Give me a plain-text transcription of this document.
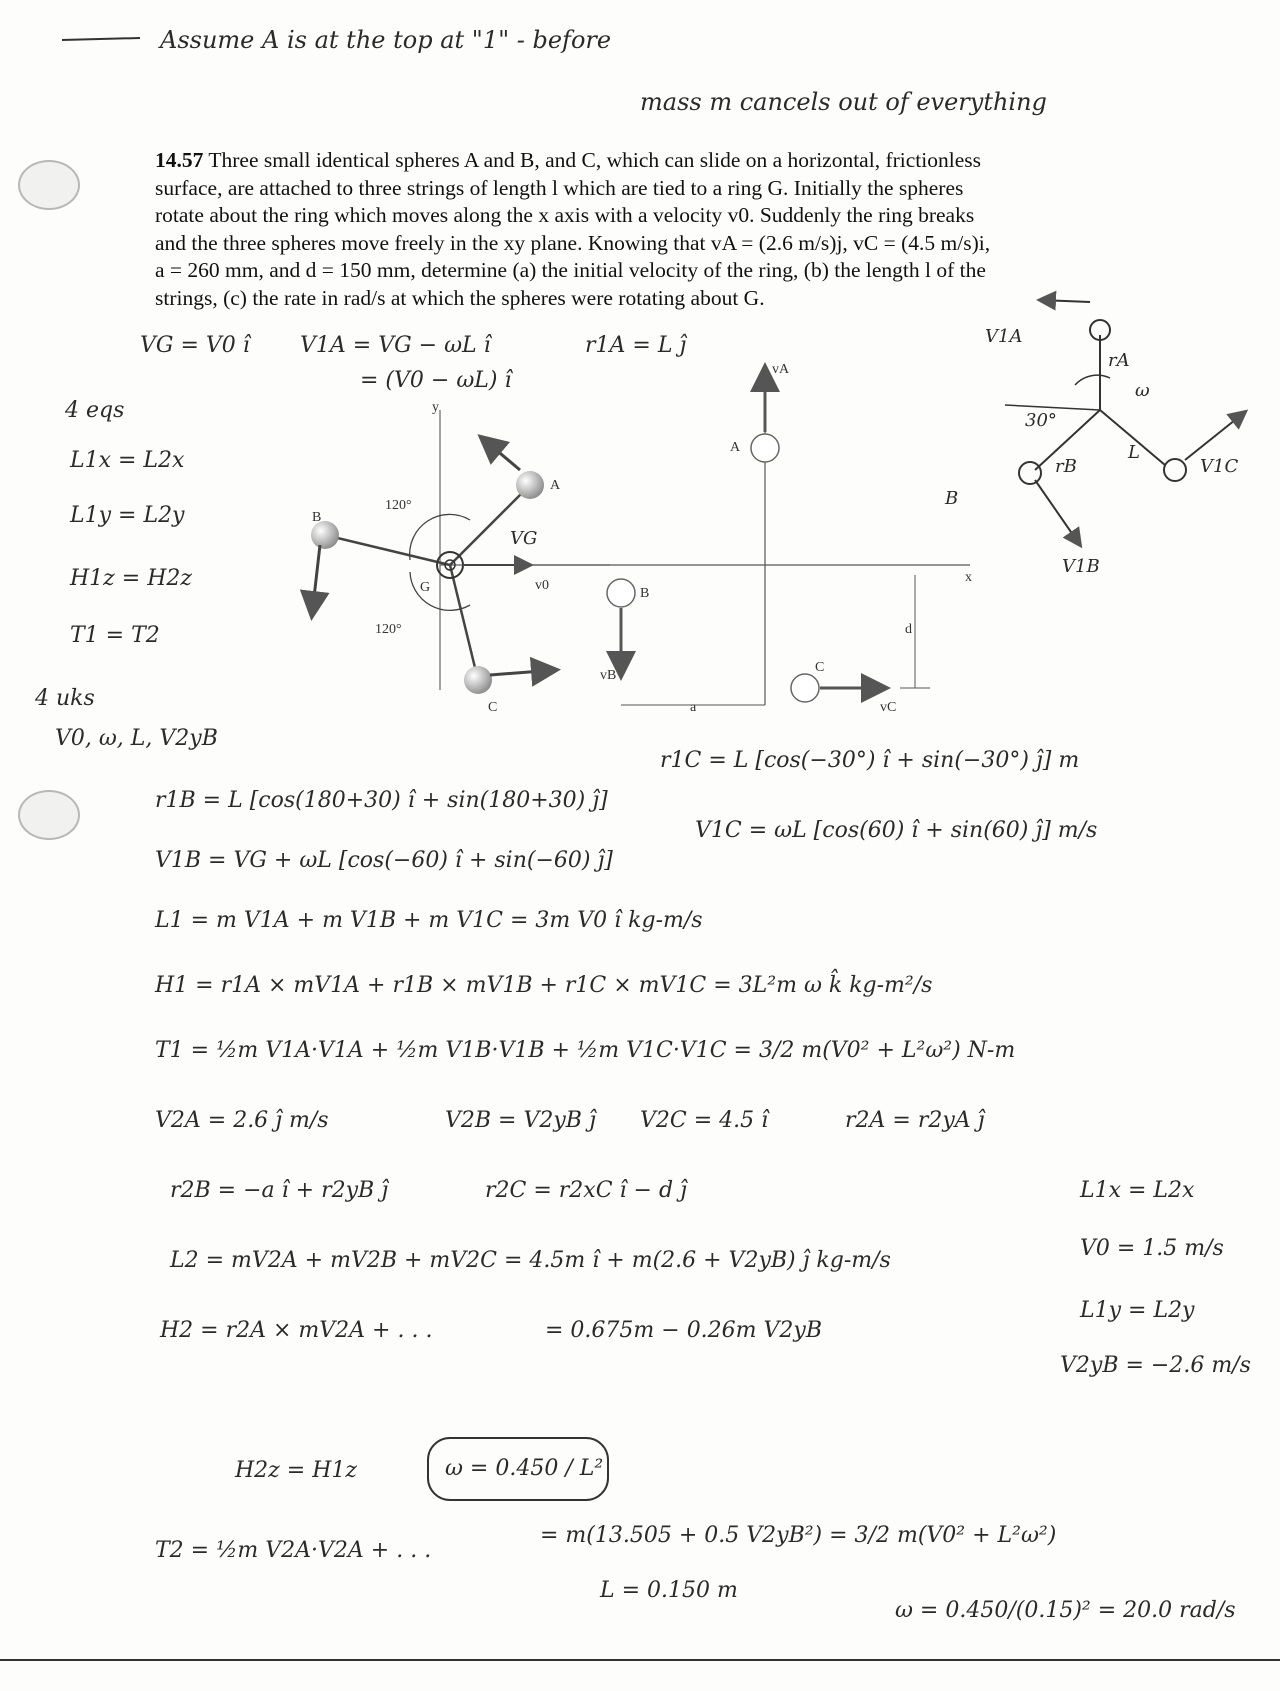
Assume A is at the top at "1" - before
mass m cancels out of everything

14.57 Three small identical spheres A and B, and C, which can slide on a horizontal, frictionless

surface, are attached to three strings of length l which are tied to a ring G. Initially the spheres

rotate about the ring which moves along the x axis with a velocity v0. Suddenly the ring breaks

and the three spheres move freely in the xy plane. Knowing that vA = (2.6 m/s)j, vC = (4.5 m/s)i,

a = 260 mm, and d = 150 mm, determine (a) the initial velocity of the ring, (b) the length l of the

strings, (c) the rate in rad/s at which the spheres were rotating about G.

y
A
B
C
G
120°
120°
v0
vA
A
B
vB
C
vC
x
a
d
VG = V0 î V1A = VG − ωL î
= (V0 − ωL) î
r1A = L ĵ
VG
V1A
rA
ω
30°
rB
L
V1C
V1B
B
4 eqs
L1x = L2x
L1y = L2y
H1z = H2z
T1 = T2
4 uks
V0, ω, L, V2yB
r1B = L [cos(180+30) î + sin(180+30) ĵ]
r1C = L [cos(−30°) î + sin(−30°) ĵ] m
V1B = VG + ωL [cos(−60) î + sin(−60) ĵ]
V1C = ωL [cos(60) î + sin(60) ĵ] m/s
L1 = m V1A + m V1B + m V1C = 3m V0 î kg-m/s
H1 = r1A × mV1A + r1B × mV1B + r1C × mV1C = 3L²m ω k̂ kg-m²/s
T1 = ½m V1A·V1A + ½m V1B·V1B + ½m V1C·V1C = 3/2 m(V0² + L²ω²) N-m
V2A = 2.6 ĵ m/s	V2B = V2yB ĵ V2C = 4.5 î	r2A = r2yA ĵ
r2B = −a î + r2yB ĵ	r2C = r2xC î − d ĵ
L2 = mV2A + mV2B + mV2C = 4.5m î + m(2.6 + V2yB) ĵ kg-m/s
H2 = r2A × mV2A + . . .	= 0.675m − 0.26m V2yB
H2z = H1z	ω = 0.450 / L²
T2 = ½m V2A·V2A + . . .
= m(13.505 + 0.5 V2yB²) = 3/2 m(V0² + L²ω²)
L = 0.150 m
ω = 0.450/(0.15)² = 20.0 rad/s
L1x = L2x
V0 = 1.5 m/s
L1y = L2y
V2yB = −2.6 m/s
